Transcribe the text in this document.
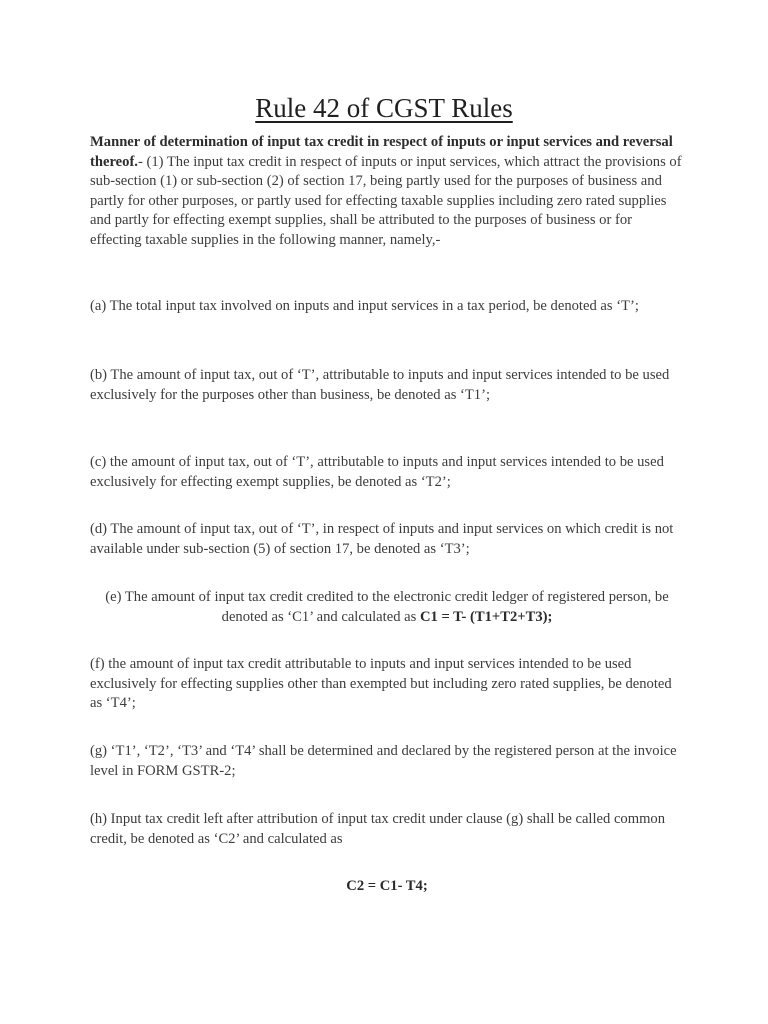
Rule 42 of CGST Rules

Manner of determination of input tax credit in respect of inputs or input services and reversal thereof.- (1) The input tax credit in respect of inputs or input services, which attract the provisions of sub-section (1) or sub-section (2) of section 17, being partly used for the purposes of business and partly for other purposes, or partly used for effecting taxable supplies including zero rated supplies and partly for effecting exempt supplies, shall be attributed to the purposes of business or for effecting taxable supplies in the following manner, namely,-

(a) The total input tax involved on inputs and input services in a tax period, be denoted as ‘T’;

(b) The amount of input tax, out of ‘T’, attributable to inputs and input services intended to be used exclusively for the purposes other than business, be denoted as ‘T1’;

(c) the amount of input tax, out of ‘T’, attributable to inputs and input services intended to be used exclusively for effecting exempt supplies, be denoted as ‘T2’;

(d) The amount of input tax, out of ‘T’, in respect of inputs and input services on which credit is not available under sub-section (5) of section 17, be denoted as ‘T3’;

(e) The amount of input tax credit credited to the electronic credit ledger of registered person, be denoted as ‘C1’ and calculated as C1 = T- (T1+T2+T3);

(f) the amount of input tax credit attributable to inputs and input services intended to be used exclusively for effecting supplies other than exempted but including zero rated supplies, be denoted as ‘T4’;

(g) ‘T1’, ‘T2’, ‘T3’ and ‘T4’ shall be determined and declared by the registered person at the invoice level in FORM GSTR-2;

(h) Input tax credit left after attribution of input tax credit under clause (g) shall be called common credit, be denoted as ‘C2’ and calculated as

C2 = C1- T4;
